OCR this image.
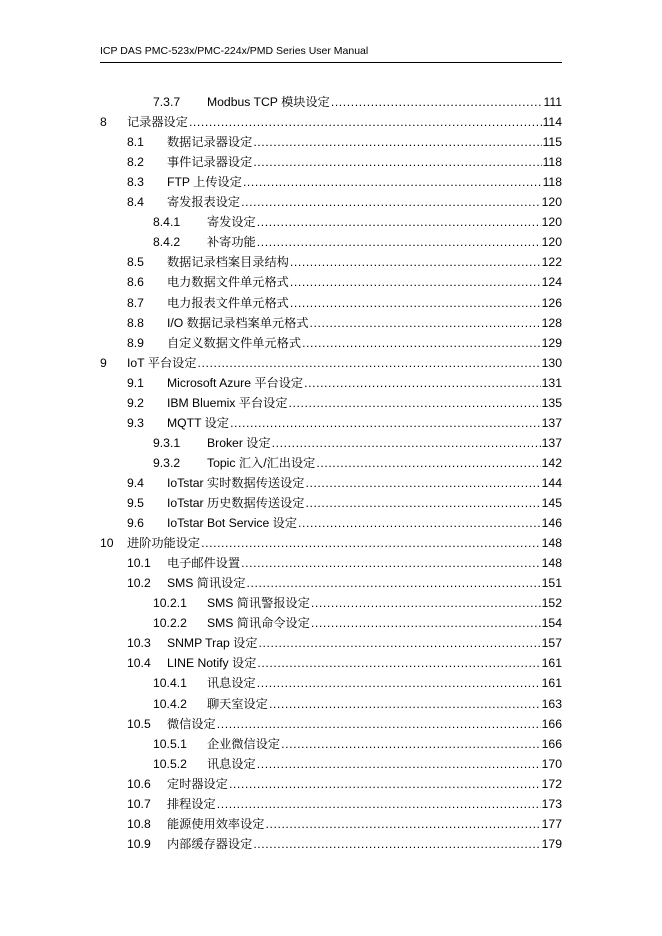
ICP DAS PMC-523x/PMC-224x/PMD Series User Manual
7.3.7	Modbus TCP 模块设定 .....	111
8	记录器设定 .....	114
8.1	数据记录器设定 .....	115
8.2	事件记录器设定 .....	118
8.3	FTP 上传设定 .....	118
8.4	寄发报表设定 .....	120
8.4.1	寄发设定 .....	120
8.4.2	补寄功能 .....	120
8.5	数据记录档案目录结构 .....	122
8.6	电力数据文件单元格式 .....	124
8.7	电力报表文件单元格式 .....	126
8.8	I/O 数据记录档案单元格式 .....	128
8.9	自定义数据文件单元格式 .....	129
9	IoT 平台设定 .....	130
9.1	Microsoft Azure 平台设定 .....	131
9.2	IBM Bluemix 平台设定 .....	135
9.3	MQTT 设定 .....	137
9.3.1	Broker 设定 .....	137
9.3.2	Topic 汇入/汇出设定 .....	142
9.4	IoTstar 实时数据传送设定 .....	144
9.5	IoTstar 历史数据传送设定 .....	145
9.6	IoTstar Bot Service 设定 .....	146
10	进阶功能设定 .....	148
10.1	电子邮件设置 .....	148
10.2	SMS 简讯设定 .....	151
10.2.1	SMS 简讯警报设定 .....	152
10.2.2	SMS 简讯命令设定 .....	154
10.3	SNMP Trap 设定 .....	157
10.4	LINE Notify 设定 .....	161
10.4.1	讯息设定 .....	161
10.4.2	聊天室设定 .....	163
10.5	微信设定 .....	166
10.5.1	企业微信设定 .....	166
10.5.2	讯息设定 .....	170
10.6	定时器设定 .....	172
10.7	排程设定 .....	173
10.8	能源使用效率设定 .....	177
10.9	内部缓存器设定 .....	179
